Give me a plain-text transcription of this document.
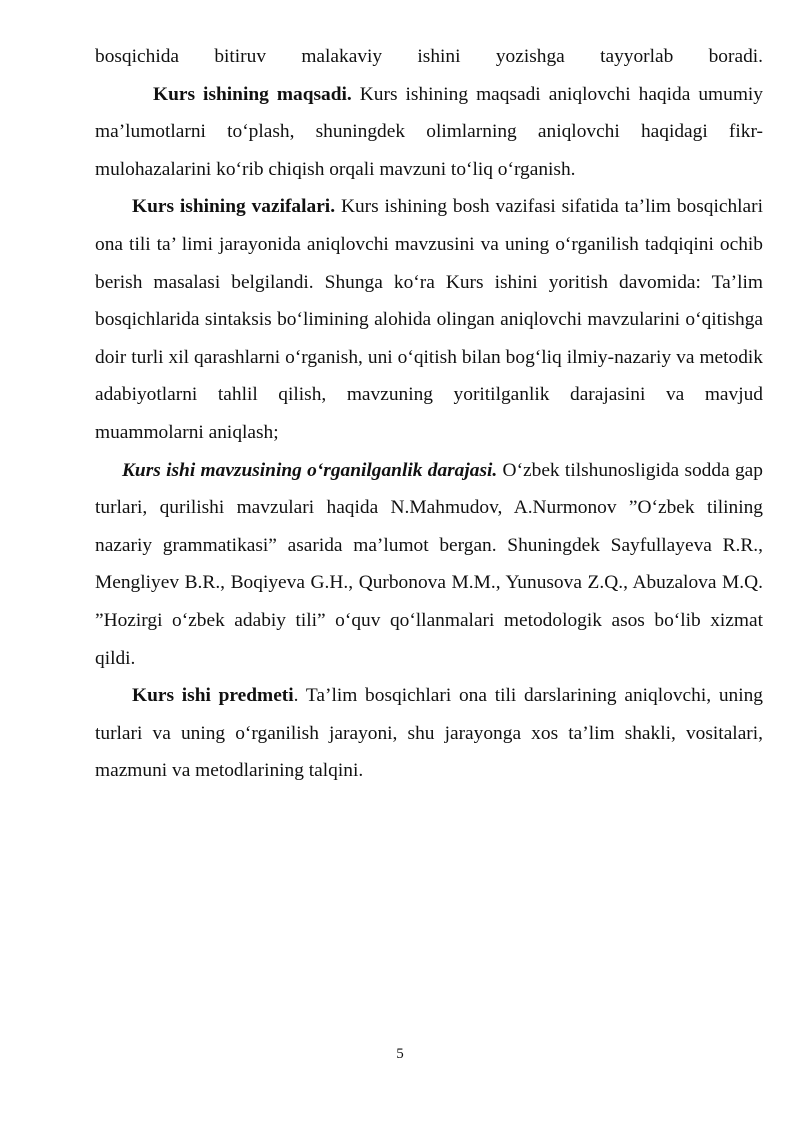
bosqichida bitiruv malakaviy ishini yozishga tayyorlab boradi.

Kurs ishining maqsadi. Kurs ishining maqsadi aniqlovchi haqida umumiy ma’lumotlarni to‘plash, shuningdek olimlarning aniqlovchi haqidagi fikr-mulohazalarini ko‘rib chiqish orqali mavzuni to‘liq o‘rganish.

Kurs ishining vazifalari. Kurs ishining bosh vazifasi sifatida ta’lim bosqichlari ona tili ta’ limi jarayonida aniqlovchi mavzusini va uning o‘rganilish tadqiqini ochib berish masalasi belgilandi. Shunga ko‘ra Kurs ishini yoritish davomida: Ta’lim bosqichlarida sintaksis bo‘limining alohida olingan aniqlovchi mavzularini o‘qitishga doir turli xil qarashlarni o‘rganish, uni o‘qitish bilan bog‘liq ilmiy-nazariy va metodik adabiyotlarni tahlil qilish, mavzuning yoritilganlik darajasini va mavjud muammolarni aniqlash;

Kurs ishi mavzusining o‘rganilganlik darajasi. O‘zbek tilshunosligida sodda gap turlari, qurilishi mavzulari haqida N.Mahmudov, A.Nurmonov ”O‘zbek tilining nazariy grammatikasi” asarida ma’lumot bergan. Shuningdek Sayfullayeva R.R., Mengliyev B.R., Boqiyeva G.H., Qurbonova M.M., Yunusova Z.Q., Abuzalova M.Q. ”Hozirgi o‘zbek adabiy tili” o‘quv qo‘llanmalari metodologik asos bo‘lib xizmat qildi.

Kurs ishi predmeti. Ta’lim bosqichlari ona tili darslarining aniqlovchi, uning turlari va uning o‘rganilish jarayoni, shu jarayonga xos ta’lim shakli, vositalari, mazmuni va metodlarining talqini.

5
